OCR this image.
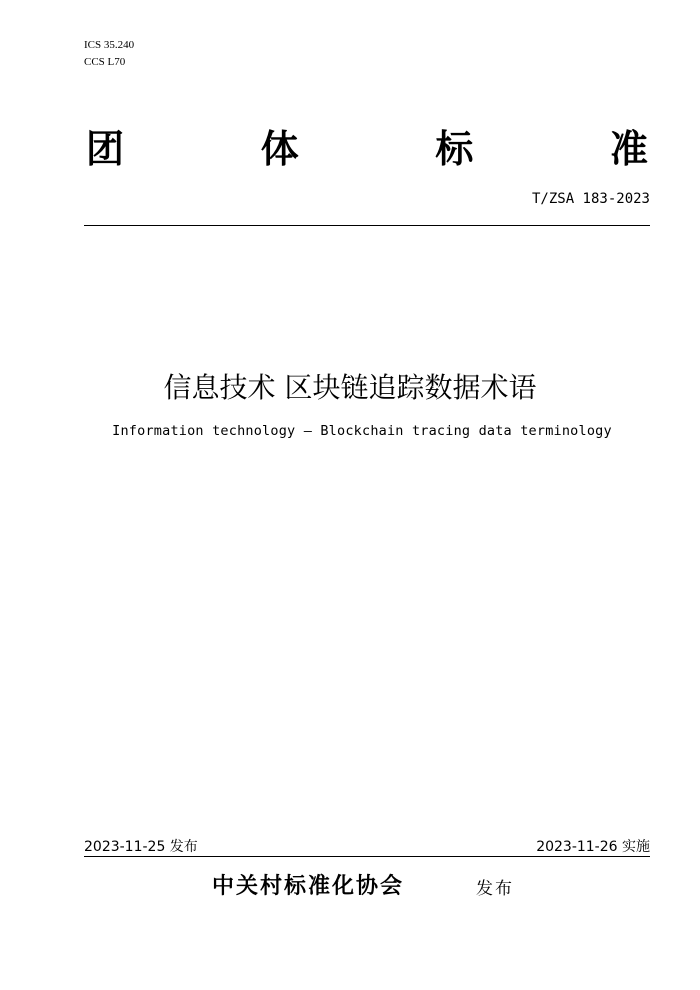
ICS 35.240
CCS L70
团	体	标	准
T/ZSA 183-2023
信息技术 区块链追踪数据术语
Information technology – Blockchain tracing data terminology
2023-11-25 发布	2023-11-26 实施
中关村标准化协会	发布
